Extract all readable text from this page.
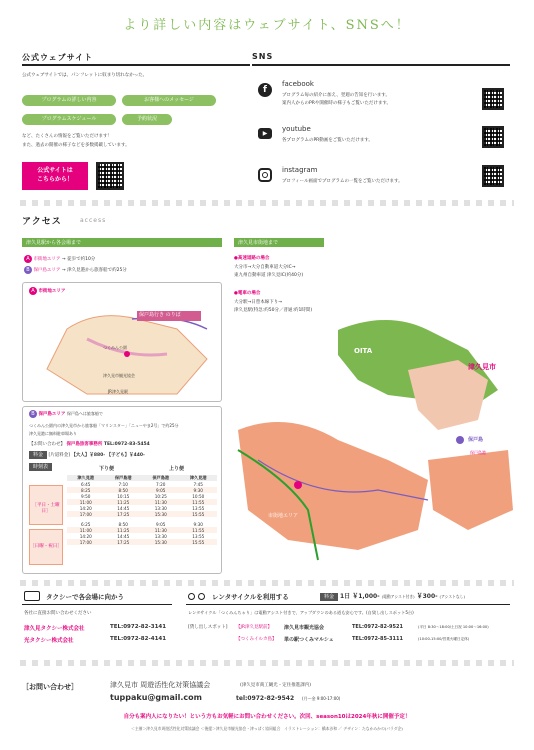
より詳しい内容はウェブサイト、SNSへ！
公式ウェブサイト
公式ウェブサイトでは、パンフレットに収まり切れなかった、
プログラムの詳しい内容	お客様へのメッセージ
プログラムスケジュール	予約状況
など、たくさんの情報をご覧いただけます！
また、過去の開催の様子などを多数掲載しています。
公式サイトは
こちらから！
SNS
f
facebook
プログラム毎の紹介に加え、翌週の告知を行います。
案内人からのPRや開催時の様子もご覧いただけます。
▶
youtube
各プログラムのPR動画をご覧いただけます。
instagram
プロフィール画面でプログラムの一覧をご覧いただけます。
アクセス	access
津久見駅から各会場まで
A 市街地エリア → 徒歩で約10分
B 保戸島エリア → 津久見港から旅客船で約25分
津久見市街地まで
●高速道路の場合
大分市→大分自動車道大分IC→
東九州自動車道 津久見IC(約40分)
●電車の場合
大分駅→日豊本線下り→
津久見駅(特急:約50分／普通:約1時間)
A 市街地エリア
保戸島行き のりば
津久見市観光協会
JR津久見駅
つくみん公園
B 保戸島エリア 保戸島へは旅客船で
つくみん公園内の津久見市から旅客船「マリンスター」「ニューやま2号」で約25分
津久見港に無料駐車場あり
【お問い合わせ】 保戸島旅客事務所 TEL:0972-83-5454
料金 [片道料金] 【大人】￥880- 【子ども】￥440-
時刻表	下り便	上り便
［平日・土曜日］
［日曜・祝日］
津久見港	保戸島港	保戸島港	津久見港
6:45	7:10	7:20	7:45
8:25	8:50	9:05	9:30
9:50	10:15	10:25	10:50
11:00	11:25	11:30	11:55
14:20	14:45	13:30	13:55
17:00	17:25	15:30	15:55

6:25	8:50	9:05	9:30
11:00	11:25	11:30	11:55
14:20	14:45	13:30	13:55
17:00	17:25	15:30	15:55
OITA
津久見市
保戸島
保戸島港
市街地エリア
タクシーで各会場に向かう
各社に直接お問い合わせください
津久見タクシー株式会社	TEL:0972-82-3141
光タクシー株式会社	TEL:0972-82-4141
レンタサイクルを利用する	料金 1日 ￥1,000- (電動アシスト付き) ￥300- (アシストなし)
レンタサイクル「つくみんちゃり」は電動アシスト付きで、アップダウンのある道も安心です。(自貸し出しスポット5台)
[貸し出しスポット] 【JR津久見駅前】 津久見市観光協会	TEL:0972-82-9521	(平日 8:30〜18:00/土日祝 10:00〜16:00)
【つくみイルカ島】 単の駅つくみマルシェ	TEL:0972-85-3111	(10:00-15:00/営業火曜日定休)
［お問い合わせ］	津久見市 周遊活性化対策協議会	(津久見市商工観光・定住推進課内)
tuppaku@gmail.com	tel:0972-82-9542 (月〜金 9:00-17:00)
自分も案内人になりたい！という方もお気軽にお問い合わせください。次回、season10は2024年秋に開催予定！
＜主催＞津久見市周遊活性化対策協議会 ＜後援＞津久見市観光協会・津っぱく協同組合　イラストレーション：橋本沙和 ／ デザイン：たなかみかの(パラダ企)
